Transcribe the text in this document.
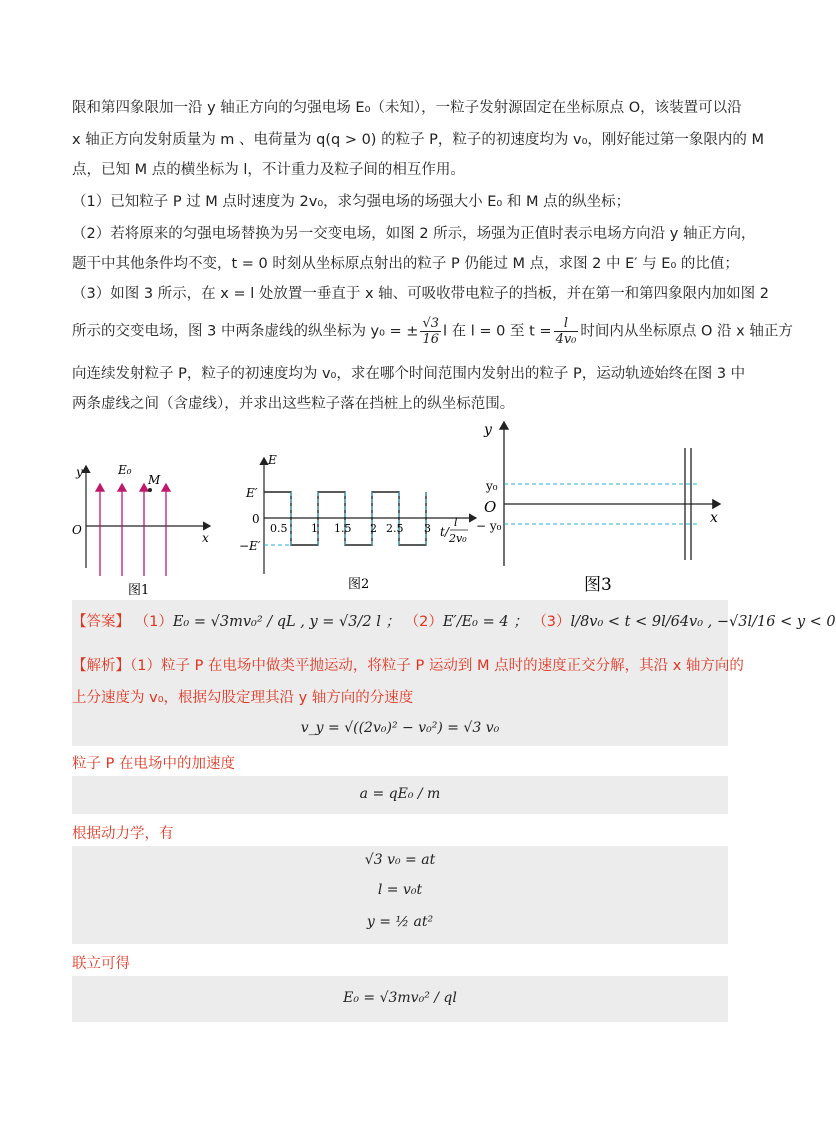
限和第四象限加一沿 y 轴正方向的匀强电场 E₀（未知），一粒子发射源固定在坐标原点 O，该装置可以沿
x 轴正方向发射质量为 m 、电荷量为 q(q > 0) 的粒子 P，粒子的初速度均为 v₀，刚好能过第一象限内的 M
点，已知 M 点的横坐标为 l，不计重力及粒子间的相互作用。
（1）已知粒子 P 过 M 点时速度为 2v₀，求匀强电场的场强大小 E₀ 和 M 点的纵坐标；
（2）若将原来的匀强电场替换为另一交变电场，如图 2 所示，场强为正值时表示电场方向沿 y 轴正方向，
题干中其他条件均不变，t = 0 时刻从坐标原点射出的粒子 P 仍能过 M 点，求图 2 中 E′ 与 E₀ 的比值；
（3）如图 3 所示，在 x = l 处放置一垂直于 x 轴、可吸收带电粒子的挡板，并在第一和第四象限内加如图 2
所示的交变电场，图 3 中两条虚线的纵坐标为 y₀ = ± $\frac{√3}{16}$ l 在 l = 0 至 $t = \frac{l}{\text{4v₀}}$ 时间内从坐标原点 O 沿 x 轴正方
向连续发射粒子 P，粒子的初速度均为 v₀，求在哪个时间范围内发射出的粒子 P，运动轨迹始终在图 3 中
两条虚线之间（含虚线），并求出这些粒子落在挡桩上的纵坐标范围。
y	E₀
M
O
x
图1
E
E′
0
−E′
0.5 1 1.5 2 2.5 3 t/
l
2v₀
图2
y
y₀
O
− y₀	x
图3
【答案】 （1）E₀ = √3mv₀² / qL , y = √3/2 l ； （2）E′/E₀ = 4 ； （3）l/8v₀ < t < 9l/64v₀ , −√3l/16 < y < 0
【解析】（1）粒子 P 在电场中做类平抛运动，将粒子 P 运动到 M 点时的速度正交分解，其沿 x 轴方向的
上分速度为 v₀，根据勾股定理其沿 y 轴方向的分速度
v_y = √((2v₀)² − v₀²) = √3 v₀
粒子 P 在电场中的加速度
a = qE₀ / m
根据动力学，有
√3 v₀ = at
l = v₀t
y = ½ at²
联立可得
E₀ = √3mv₀² / ql
